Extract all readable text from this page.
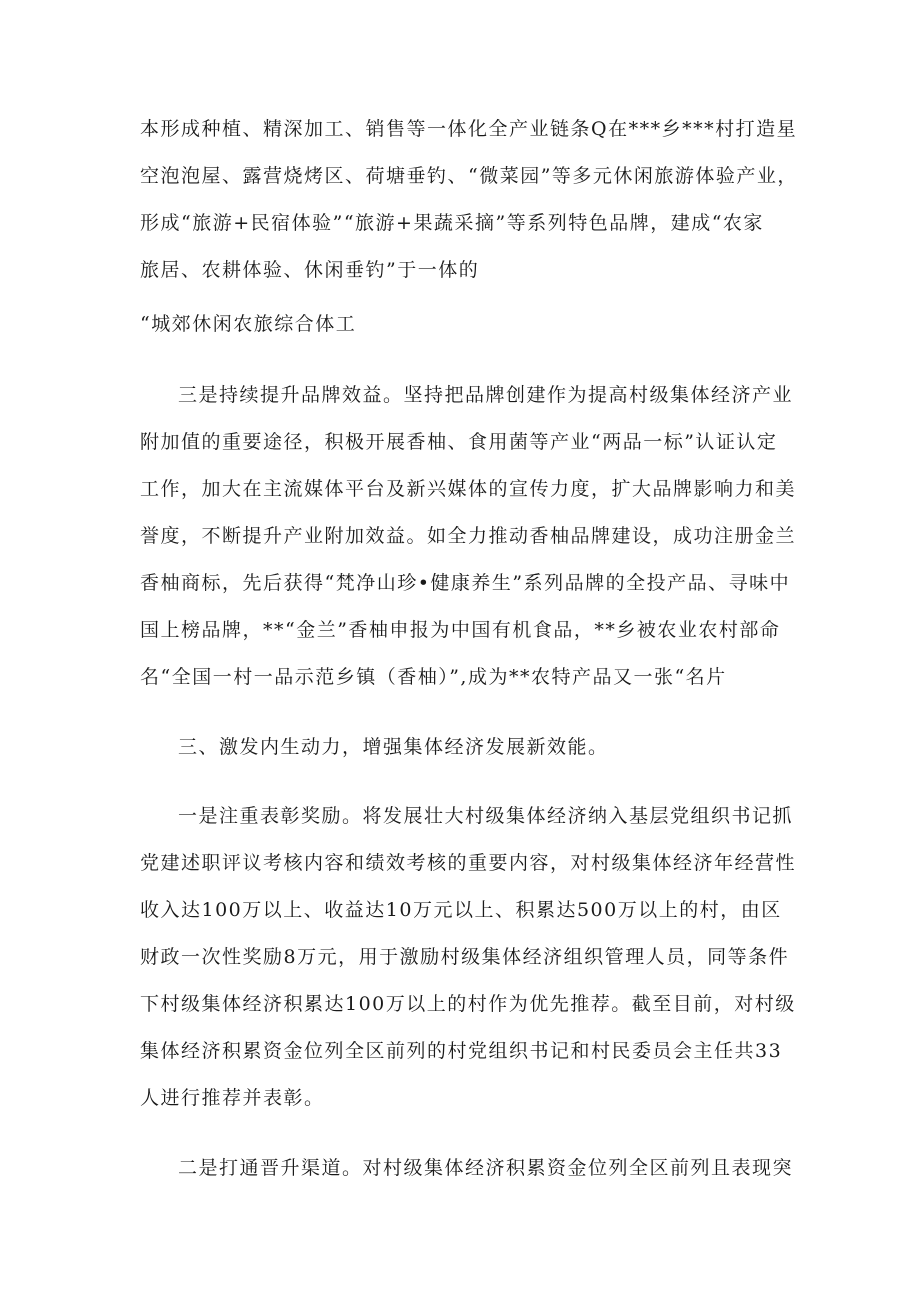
本形成种植、精深加工、销售等一体化全产业链条Q在***乡***村打造星
空泡泡屋、露营烧烤区、荷塘垂钓、“微菜园”等多元休闲旅游体验产业，
形成“旅游+民宿体验”“旅游+果蔬采摘”等系列特色品牌，建成“农家
旅居、农耕体验、休闲垂钓”于一体的
“城郊休闲农旅综合体工
三是持续提升品牌效益。坚持把品牌创建作为提高村级集体经济产业
附加值的重要途径，积极开展香柚、食用菌等产业“两品一标”认证认定
工作，加大在主流媒体平台及新兴媒体的宣传力度，扩大品牌影响力和美
誉度，不断提升产业附加效益。如全力推动香柚品牌建设，成功注册金兰
香柚商标，先后获得“梵净山珍•健康养生”系列品牌的全投产品、寻味中
国上榜品牌，**“金兰”香柚申报为中国有机食品，**乡被农业农村部命
名“全国一村一品示范乡镇（香柚）”,成为**农特产品又一张“名片
三、激发内生动力，增强集体经济发展新效能。
一是注重表彰奖励。将发展壮大村级集体经济纳入基层党组织书记抓
党建述职评议考核内容和绩效考核的重要内容，对村级集体经济年经营性
收入达100万以上、收益达10万元以上、积累达500万以上的村，由区
财政一次性奖励8万元，用于激励村级集体经济组织管理人员，同等条件
下村级集体经济积累达100万以上的村作为优先推荐。截至目前，对村级
集体经济积累资金位列全区前列的村党组织书记和村民委员会主任共33
人进行推荐并表彰。
二是打通晋升渠道。对村级集体经济积累资金位列全区前列且表现突
